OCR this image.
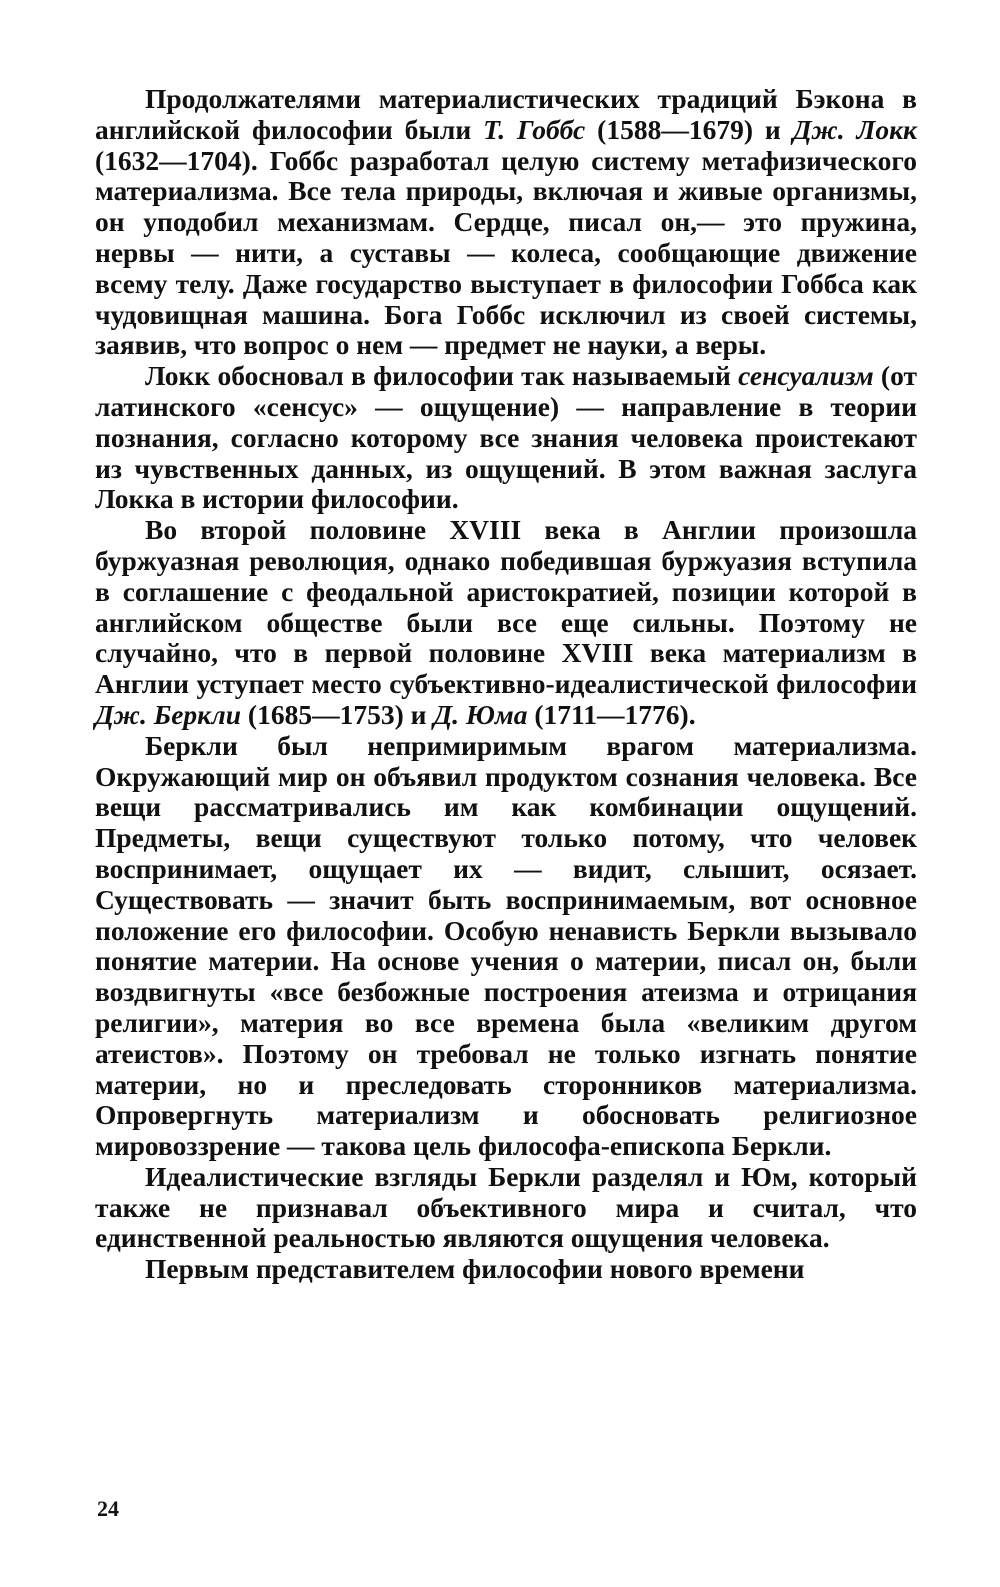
Продолжателями материалистических традиций Бэкона в английской философии были Т. Гоббс (1588—1679) и Дж. Локк (1632—1704). Гоббс разработал целую систему метафизического материализма. Все тела природы, включая и живые организмы, он уподобил механизмам. Сердце, писал он,— это пружина, нервы — нити, а суставы — колеса, сообщающие движение всему телу. Даже государство выступает в философии Гоббса как чудовищная машина. Бога Гоббс исключил из своей системы, заявив, что вопрос о нем — предмет не науки, а веры.

Локк обосновал в философии так называемый сенсуализм (от латинского «сенсус» — ощущение) — направление в теории познания, согласно которому все знания человека проистекают из чувственных данных, из ощущений. В этом важная заслуга Локка в истории философии.

Во второй половине XVIII века в Англии произошла буржуазная революция, однако победившая буржуазия вступила в соглашение с феодальной аристократией, позиции которой в английском обществе были все еще сильны. Поэтому не случайно, что в первой половине XVIII века материализм в Англии уступает место субъективно-идеалистической философии Дж. Беркли (1685—1753) и Д. Юма (1711—1776).

Беркли был непримиримым врагом материализма. Окружающий мир он объявил продуктом сознания человека. Все вещи рассматривались им как комбинации ощущений. Предметы, вещи существуют только потому, что человек воспринимает, ощущает их — видит, слышит, осязает. Существовать — значит быть воспринимаемым, вот основное положение его философии. Особую ненависть Беркли вызывало понятие материи. На основе учения о материи, писал он, были воздвигнуты «все безбожные построения атеизма и отрицания религии», материя во все времена была «великим другом атеистов». Поэтому он требовал не только изгнать понятие материи, но и преследовать сторонников материализма. Опровергнуть материализм и обосновать религиозное мировоззрение — такова цель философа-епископа Беркли.

Идеалистические взгляды Беркли разделял и Юм, который также не признавал объективного мира и считал, что единственной реальностью являются ощущения человека.

Первым представителем философии нового времени

24
